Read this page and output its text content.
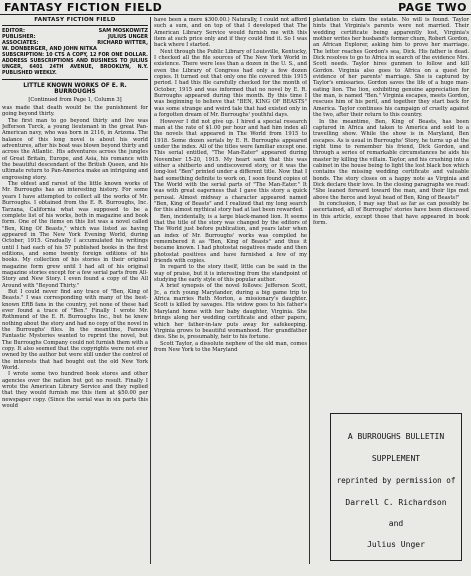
FANTASY FICTION FIELD	PAGE TWO
FANTASY FICTION FIELD
EDITOR:	SAM MOSKOWITZ
PUBLISHER:	JULIUS UNGER
ASSOCIATES:	RICHARD WITTER,
W. DONBERGER, AND JOHN NITKA
SUBSCRIPTION: 10 CTS A COPY, 12 FOR ONE DOLLAR. ADDRESS SUBSCRIPTIONS AND BUSINESS TO JULIUS UNGER, 6401 24TH AVENUE, BROOKLYN, N.Y. PUBLISHED WEEKLY.
LITTLE KNOWN WORKS OF E. R. BURROUGHS
[Continued from Page 1, Column 3]

was made that death would be the punishment for going beyond thirty.

The first man to go beyond thirty and live was Jefferson Turck, a young lieutenant in the great Pan-American navy, who was born in 2116, in Arizona. The balance of this long novel is about his world adventures, after his boat was blown beyond thirty and across the Atlantic. His adventures across the jungles of Great Britain, Europe, and Asia, his romance with the beautiful descendant of the British Queen, and his ultimate return to Pan-America make an intriguing and engrossing story.

The oldest and rarest of the little known works of Mr. Burroughs has an interesting history. For some years I have attempted to collect all the works of Mr. Burroughs. I obtained from the E. R. Burroughs, Inc. Tarzana, California what was supposed to be a complete list of his works, both in magazine and book form. One of the items on this list was a novel called "Ben, King Of Beasts," which was listed as having appeared in The New York Evening World, during October, 1915. Gradually I accumulated his writings until I had each of his 57 published books in the first editions, and some twenty foreign editions of his books. My collection of his stories in their original magazine form grew until I had all of his original magazine stories except for a few serial parts from All-Story and New Story. I even found a copy of the All Around with "Beyond Thirty."

But I could never find any trace of "Ben, King of Beasts." I was corresponding with many of the best-known ERB fans in the country, yet none of these had ever found a trace of "Ben." Finally I wrote Mr. Rothmund of the E. R. Burroughs Inc., but he knew nothing about the story and had no copy of the novel in the Burroughs' files. In the meantime, Famous Fantastic Mysteries wanted to reprint the novel, but The Burroughs Company could not furnish them with a copy. It also seemed that the copyrights were not ever owned by the author but were still under the control of the interests that had bought out the old New York World.

I wrote some two hundred book stores and other agencies over the nation but got no result. Finally I wrote the American Library Service and they replied that they would furnish me this item at $50.00 per newspaper copy. (Since the serial was in six parts this would

have been a mere $300.00.) Naturally, I could not afford such a sum, and on top of that I developed that The American Library Service would furnish me with this item at such price only and if they could find it. So I was back where I started.

Next through the Public Library of Louisville, Kentucky, I checked all the file sources of The New York World in existence. There were less than a dozen in the U. S., and even the Library of Congress had only a few dozen copies. It turned out that only one file covered this 1915 period. I had this file carefully checked for the month of October, 1915 and was informed that no novel by E. R. Burroughs appeared during this month. By this time I was beginning to believe that "BEN, KING OF BEASTS" was some strange and weird tale that had existed only in a forgotten dream of Mr. Burroughs' youthful days.

However I did not give up. I hired a special research man at the rate of $1.00 per hour and had him index all the novels that appeared in The World from 1915 to 1918. Some dozen serials by E. R. Burroughs appeared under the index. All of the titles were familiar except one. This serial entitled, "The Man-Eater" appeared during November 15-20, 1915. My heart sank that this was either a shitberto and undiscovered story, or it was the long-lost "Ben" printed under a different title. Now that I had something definite to work on, I soon found copies of The World with the serial parts of "The Man-Eater." It was with great eagerness that I gave this story a quick perusal. Almost midway a character appeared named "Ben, King of Beasts" and I realized that my long search for this almost mythical story had at last been rewarded.

Ben, incidentally, is a large black-maned lion. It seems that the title of the story was changed by the editors of The World just before publication, and years later when an index of Mr. Burroughs' works was compiled he remembered it as "Ben, King of Beasts" and thus it became known. I had photostat negatives made and then photostat positives and have furnished a few of my friends with copies.

In regard to the story itself, little can be said in the way of praise, but it is interesting from the standpoint of studying the early style of this popular author.

A brief synopsis of the novel follows: Jefferson Scott, Jr., a rich young Marylander, during a big game trip to Africa marries Ruth Morton, a missionary's daughter. Scott is killed by savages. His widow goes to his father's Maryland home with her baby daughter, Virginia. She brings along her wedding certificate and other papers, which her father-in-law puts away for safekeeping. Virginia grows to beautiful womanhood. Her grandfather dies. She is, presumably, heir to his fortune.

Scott Taylor, a dissolute nephew of the old man, comes from New York to the Maryland

plantation to claim the estate. No will is found. Taylor hints that Virginia's parents were not married. Their wedding certificate being apparently lost, Virginia's mother writes her husband's former chum, Robert Gordon, an African Explorer, asking him to prove her marriage. The letter reaches Gordon's sea, Dick. His father is dead. Dick resolves to go to Africa in search of the evidence Mrs. Scott needs. Taylor hires gunmen to follow and kill Gordon. Virginia also goes to Africa on a quest for evidence of her parents' marriage. She is captured by Taylor's emissaries. Gordon saves the life of a huge man-eating lion. The lion, exhibiting genuine appreciation for the man, is named "Ben." Virginia escapes, meets Gordon, rescues him of his peril, and together they start back for America. Taylor continues his campaign of cruelty against the two, after their return to this country.

In the meantime, Ben, King of Beasts, has been captured in Africa and taken to America and sold to a travelling show. While the show is in Maryland, Ben escapes. As is usual in Burroughs' Story, he turns up at the right time to remember his friend, Dick Gordon, and through a series of remarkable circumstances he aids his master by killing the villain. Taylor, and his crushing into a cabinet in the house being to light the lost black box which contains the missing wedding certificate and valuable bonds. The story closes on a happy note as Virginia and Dick declare their love. In the closing paragraphs we read: "She leaned forward toward the man, and their lips met above the fierce and loyal head of Ben, King of Beasts!"

In conclusion, I may say that as far as can possibly be ascertained, all of Burroughs' stories have been discussed in this article, except those that have appeared in book form.

A BURROUGHS BULLETIN
SUPPLEMENT
reprinted by permission of
Darrell C. Richardson
and
Julius Unger
